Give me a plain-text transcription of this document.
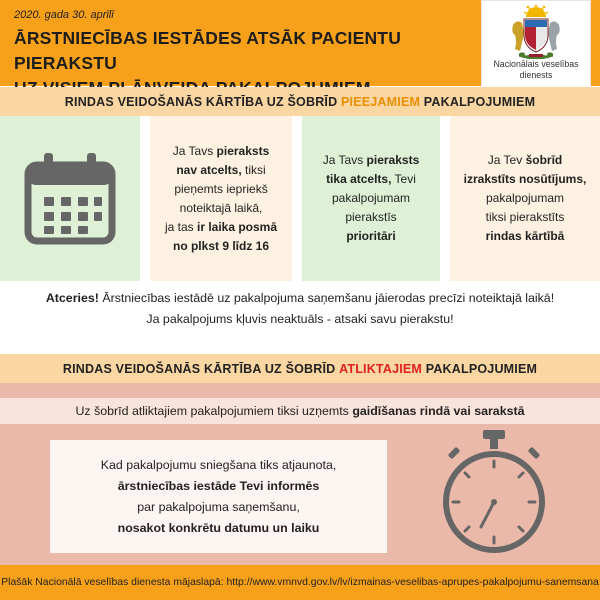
2020. gada 30. aprīlī
ĀRSTNIECĪBAS IESTĀDES ATSĀK PACIENTU PIERAKSTU	Nacionālais veselības
dienests
RINDAS VEIDOŠANĀS KĀRTĪBA UZ ŠOBRĪD PIEEJAMIEM PAKALPOJUMIEM
Ja Tavs pieraksts
nav atcelts, tiksi
pieņemts iepriekš
noteiktajā laikā,
ja tas ir laika posmā
no plkst 9 līdz 16
Ja Tavs pieraksts
tika atcelts, Tevi
pakalpojumam
pierakstīs
prioritāri
Ja Tev šobrīd
izrakstīts nosūtījums,
pakalpojumam
tiksi pierakstīts
rindas kārtībā
Atceries! Ārstniecības iestādē uz pakalpojuma saņemšanu jāierodas precīzi noteiktajā laikā!
Ja pakalpojums kļuvis neaktuāls - atsaki savu pierakstu!
RINDAS VEIDOŠANĀS KĀRTĪBA UZ ŠOBRĪD ATLIKTAJIEM PAKALPOJUMIEM
Uz šobrīd atliktajiem pakalpojumiem tiksi uzņemts gaidīšanas rindā vai sarakstā
Kad pakalpojumu sniegšana tiks atjaunota,
ārstniecības iestāde Tevi informēs
par pakalpojuma saņemšanu,
nosakot konkrētu datumu un laiku
Plašāk Nacionālā veselības dienesta mājaslapā: http://www.vmnvd.gov.lv/lv/izmainas-veselibas-aprupes-pakalpojumu-sanemsana
